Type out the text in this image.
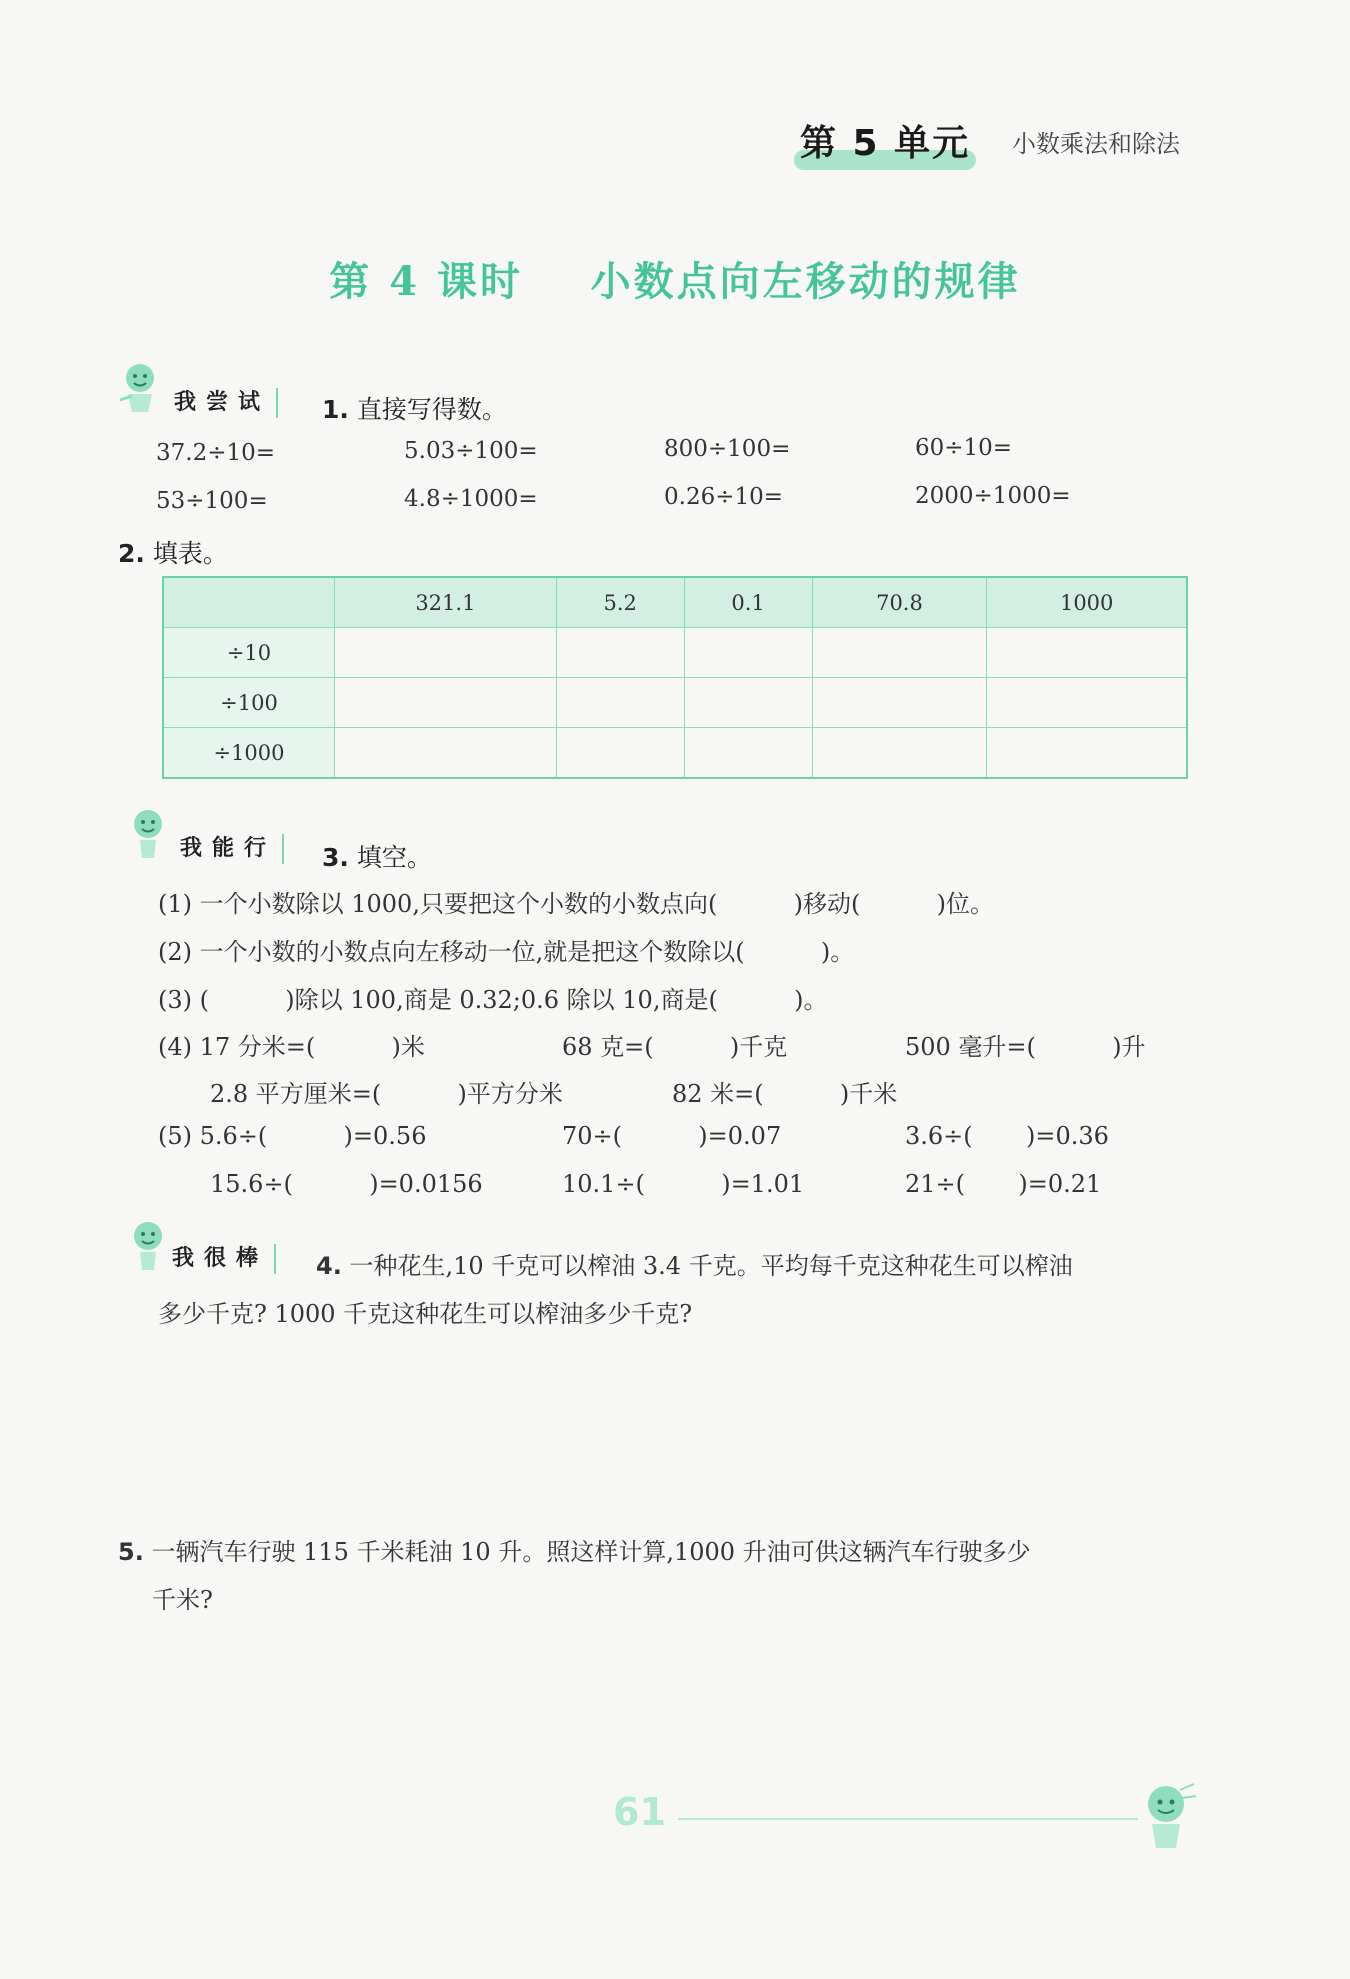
第 5 单元 小数乘法和除法
第 4 课时    小数点向左移动的规律
我尝试	1. 直接写得数。
37.2÷10=	5.03÷100=	800÷100=	60÷10=
53÷100=	4.8÷1000=	0.26÷10=	2000÷1000=
2. 填表。
	321.1	5.2	0.1	70.8	1000
÷10					
÷100					
÷1000					
我能行	3. 填空。
(1) 一个小数除以 1000,只要把这个小数的小数点向(          )移动(          )位。
(2) 一个小数的小数点向左移动一位,就是把这个数除以(          )。
(3) (          )除以 100,商是 0.32;0.6 除以 10,商是(          )。
(4) 17 分米=(          )米	68 克=(          )千克	500 毫升=(          )升
2.8 平方厘米=(          )平方分米	82 米=(          )千米
(5) 5.6÷(          )=0.56	70÷(          )=0.07	3.6÷(       )=0.36
15.6÷(          )=0.0156	10.1÷(          )=1.01	21÷(       )=0.21
我很棒	4. 一种花生,10 千克可以榨油 3.4 千克。平均每千克这种花生可以榨油
多少千克? 1000 千克这种花生可以榨油多少千克?
5. 一辆汽车行驶 115 千米耗油 10 升。照这样计算,1000 升油可供这辆汽车行驶多少
千米?
61
